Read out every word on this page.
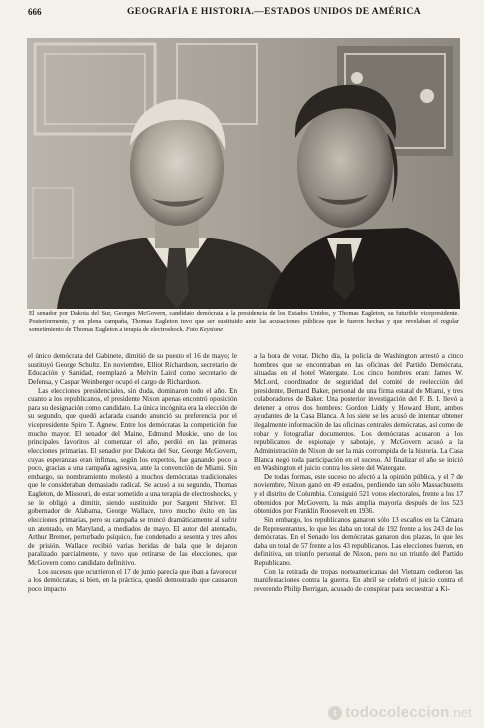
666	GEOGRAFÍA E HISTORIA.—ESTADOS UNIDOS DE AMÉRICA
El senador por Dakota del Sur, Georges McGovern, candidato demócrata a la presidencia de los Estados Unidos, y Thomas Eagleton, su futurible vicepresidente. Posteriormente, y en plena campaña, Thomas Eagleton tuvo que ser sustituido ante las acusaciones públicas que le fueron hechas y que revelaban el regular sometimiento de Thomas Eagleton a terapia de electroshock. Foto Keystone

el único demócrata del Gabinete, dimitió de su puesto el 16 de mayo; le sustituyó George Schultz. En noviembre, Elliot Richardson, secretario de Educación y Sanidad, reemplazó a Melvin Laird como secretario de Defensa, y Caspar Weinberger ocupó el cargo de Richardson.

Las elecciones presidenciales, sin duda, dominaron todo el año. En cuanto a los republicanos, el presidente Nixon apenas encontró oposición para su designación como candidato. La única incógnita era la elección de su segundo, que quedó aclarada cuando anunció su preferencia por el vicepresidente Spiro T. Agnew. Entre los demócratas la competición fue mucho mayor. El senador del Maine, Edmund Muskie, uno de los principales favoritos al comenzar el año, perdió en las primeras elecciones primarias. El senador por Dakota del Sur, George McGovern, cuyas esperanzas eran ínfimas, según los expertos, fue ganando poco a poco, gracias a una campaña agresiva, ante la convención de Miami. Sin embargo, su nombramiento molestó a muchos demócratas tradicionales que le consideraban demasiado radical. Se acusó a su segundo, Thomas Eagleton, de Missouri, de estar sometido a una terapia de electroshocks, y se le obligó a dimitir, siendo sustituido por Sargent Shriver. El gobernador de Alabama, George Wallace, tuvo mucho éxito en las elecciones primarias, pero su campaña se truncó dramáticamente al sufrir un atentado, en Maryland, a mediados de mayo. El autor del atentado, Arthur Bremer, perturbado psíquico, fue condenado a sesenta y tres años de prisión. Wallace recibió varias heridas de bala que le dejaron paralizado parcialmente, y tuvo que retirarse de las elecciones, que McGovern como candidato definitivo.

Los sucesos que ocurrieron el 17 de junio parecía que iban a favorecer a los demócratas, si bien, en la práctica, quedó demostrado que causaron poco impacto

a la hora de votar. Dicho día, la policía de Washington arrestó a cinco hombres que se encontraban en las oficinas del Partido Demócrata, situadas en el hotel Watergate. Los cinco hombres eran: James W. McLord, coordinador de seguridad del comité de reelección del presidente, Bernard Baker, personal de una firma estatal de Miami, y tres colaboradores de Baker. Una posterior investigación del F. B. I. llevó a detener a otros dos hombres: Gordon Liddy y Howard Hunt, ambos ayudantes de la Casa Blanca. A los siete se les acusó de intentar obtener ilegalmente información de las oficinas centrales demócratas, así como de robar y fotografiar documentos. Los demócratas acusaron a los republicanos de espionaje y sabotaje, y McGovern acusó a la Administración de Nixon de ser la más corrompida de la historia. La Casa Blanca negó toda participación en el suceso. Al finalizar el año se inició en Washington el juicio contra los siete del Watergate.

De todas formas, este suceso no afectó a la opinión pública, y el 7 de noviembre, Nixon ganó en 49 estados, perdiendo tan sólo Massachusetts y el distrito de Columbia. Consiguió 521 votos electorales, frente a los 17 obtenidos por McGovern, la más amplia mayoría después de los 523 obtenidos por Franklin Roosevelt en 1936.

Sin embargo, los republicanos ganaron sólo 13 escaños en la Cámara de Representantes, lo que les daba un total de 192 frente a los 243 de los demócratas. En el Senado los demócratas ganaron dos plazas, lo que les daba un total de 57 frente a los 43 republicanos. Las elecciones fueron, en definitiva, un triunfo personal de Nixon, pero no un triunfo del Partido Republicano.

Con la retirada de tropas norteamericanas del Vietnam cedieron las manifestaciones contra la guerra. En abril se celebró el juicio contra el reverendo Philip Berrigan, acusado de conspirar para secuestrar a Ki-

t todocoleccion.net
